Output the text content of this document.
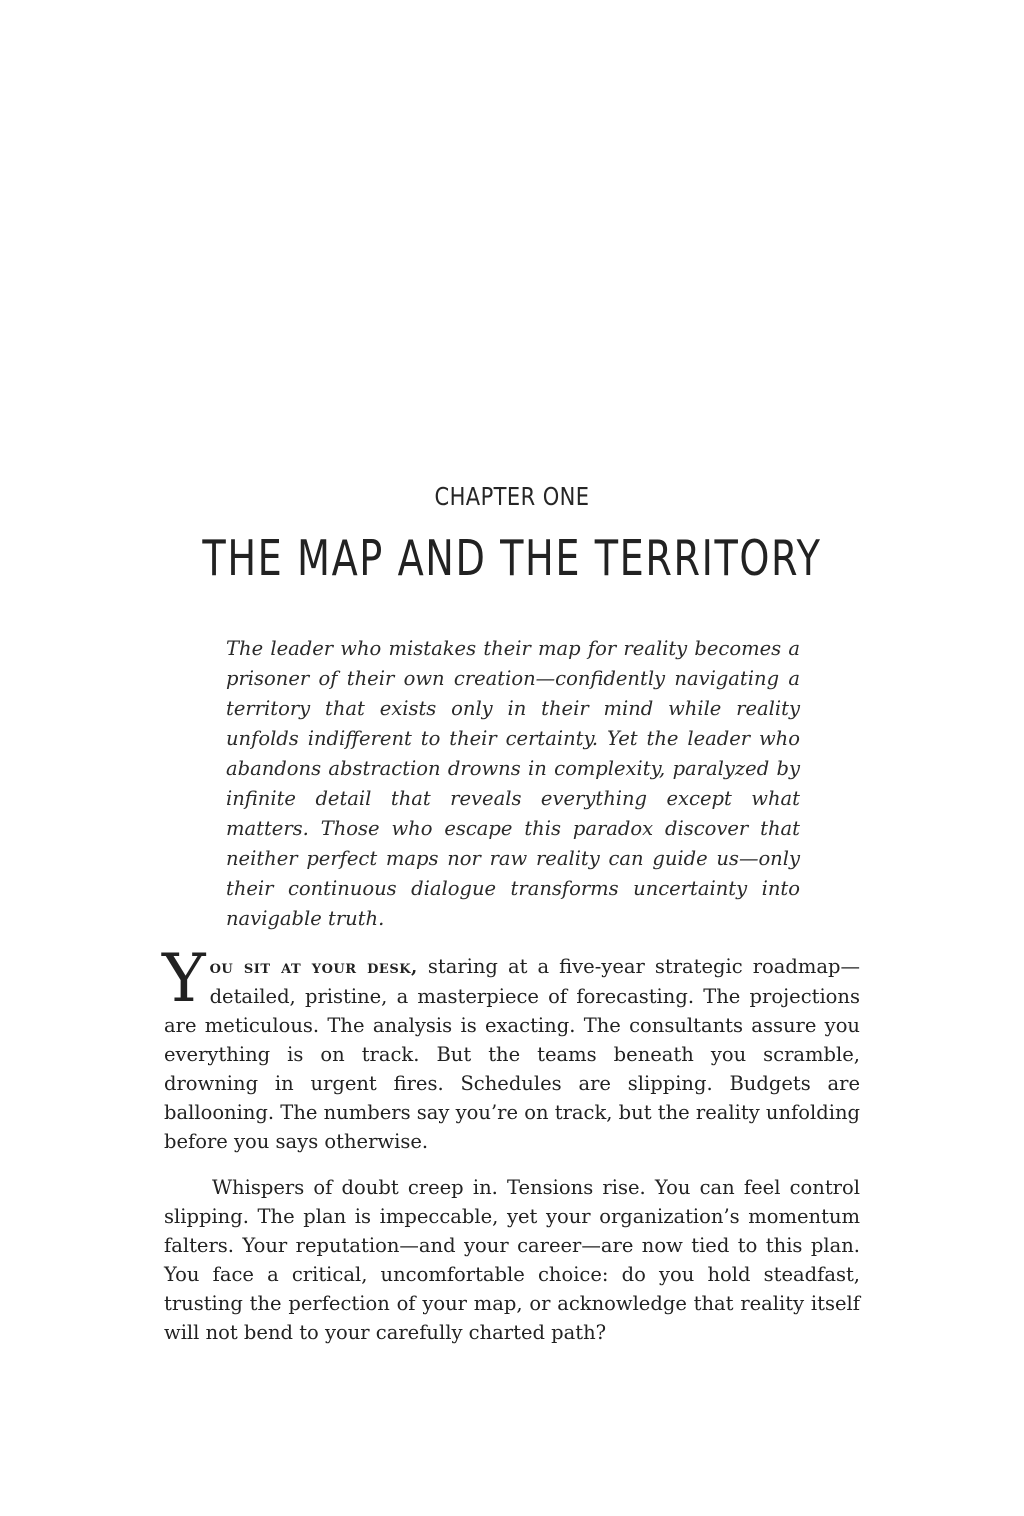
CHAPTER ONE
THE MAP AND THE TERRITORY
The leader who mistakes their map for reality becomes a prisoner of their own creation—confidently navigating a territory that exists only in their mind while reality unfolds indifferent to their certainty. Yet the leader who abandons abstraction drowns in complexity, paralyzed by infinite detail that reveals everything except what matters. Those who escape this paradox discover that neither perfect maps nor raw reality can guide us—only their continuous dialogue transforms uncertainty into navigable truth.

You sit at your desk, staring at a five-year strategic roadmap—detailed, pristine, a masterpiece of forecasting. The projections are meticulous. The analysis is exacting. The consultants assure you everything is on track. But the teams beneath you scramble, drowning in urgent fires. Schedules are slipping. Budgets are ballooning. The numbers say you’re on track, but the reality unfolding before you says otherwise.

Whispers of doubt creep in. Tensions rise. You can feel control slipping. The plan is impeccable, yet your organization’s momentum falters. Your reputation—and your career—are now tied to this plan. You face a critical, uncomfortable choice: do you hold steadfast, trusting the perfection of your map, or acknowledge that reality itself will not bend to your carefully charted path?
